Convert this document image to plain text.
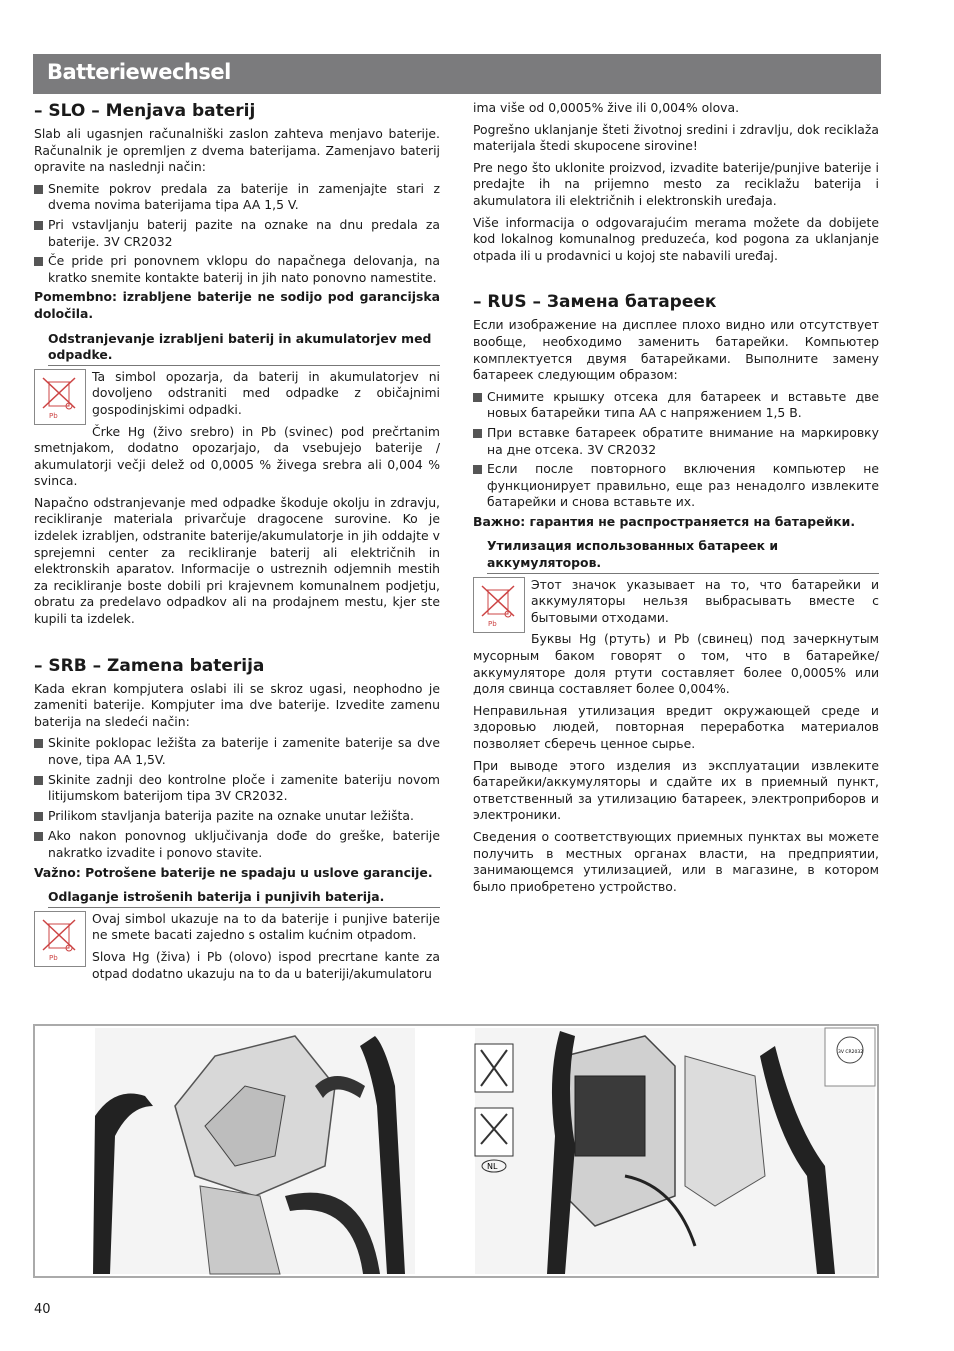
Batteriewechsel
– SLO – Menjava baterij

Slab ali ugasnjen računalniški zaslon zahteva menjavo baterije. Računalnik je opremljen z dvema baterijama. Zamenjavo baterij opravite na naslednji način:

Snemite pokrov predala za baterije in zamenjajte stari z dvema novima baterijama tipa AA 1,5 V.
Pri vstavljanju baterij pazite na oznake na dnu predala za baterije. 3V CR2032
Če pride pri ponovnem vklopu do napačnega delovanja, na kratko snemite kontakte baterij in jih nato ponovno namestite.

Pomembno: izrabljene baterije ne sodijo pod garancijska določila.

Odstranjevanje izrabljeni baterij in akumulatorjev med odpadke.
Pb

Ta simbol opozarja, da baterij in akumulatorjev ni dovoljeno odstraniti med odpadke z običajnimi gospodinjskimi odpadki.

Črke Hg (živo srebro) in Pb (svinec) pod prečrtanim smetnjakom, dodatno opozarjajo, da vsebujejo baterije / akumulatorji večji delež od 0,0005 % živega srebra ali 0,004 % svinca.

Napačno odstranjevanje med odpadke škoduje okolju in zdravju, recikliranje materiala privarčuje dragocene surovine. Ko je izdelek izrabljen, odstranite baterije/akumulatorje in jih oddajte v sprejemni center za recikliranje baterij ali električnih in elektronskih aparatov. Informacije o ustreznih odjemnih mestih za recikliranje boste dobili pri krajevnem komunalnem podjetju, obratu za predelavo odpadkov ali na prodajnem mestu, kjer ste kupili ta izdelek.

– SRB – Zamena baterija

Kada ekran kompjutera oslabi ili se skroz ugasi, neophodno je zameniti baterije. Kompjuter ima dve baterije. Izvedite zamenu baterija na sledeći način:

Skinite poklopac ležišta za baterije i zamenite baterije sa dve nove, tipa AA 1,5V.
Skinite zadnji deo kontrolne ploče i zamenite bateriju novom litijumskom baterijom tipa 3V CR2032.
Prilikom stavljanja baterija pazite na oznake unutar ležišta.
Ako nakon ponovnog uključivanja dođe do greške, baterije nakratko izvadite i ponovo stavite.

Važno: Potrošene baterije ne spadaju u uslove garancije.

Odlaganje istrošenih baterija i punjivih baterija.
Pb

Ovaj simbol ukazuje na to da baterije i punjive baterije ne smete bacati zajedno s ostalim kućnim otpadom.

Slova Hg (živa) i Pb (olovo) ispod precrtane kante za otpad dodatno ukazuju na to da u bateriji/akumulatoru

ima više od 0,0005% žive ili 0,004% olova.

Pogrešno uklanjanje šteti životnoj sredini i zdravlju, dok reciklaža materijala štedi skupocene sirovine!

Pre nego što uklonite proizvod, izvadite baterije/punjive baterije i predajte ih na prijemno mesto za reciklažu baterija i akumulatora ili električnih i elektronskih uređaja.

Više informacija o odgovarajućim merama možete da dobijete kod lokalnog komunalnog preduzeća, kod pogona za uklanjanje otpada ili u prodavnici u kojoj ste nabavili uređaj.

– RUS – Замена батареек

Если изображение на дисплее плохо видно или отсутствует вообще, необходимо заменить батарейки. Компьютер комплектуется двумя батарейками. Выполните замену батареек следующим образом:

Снимите крышку отсека для батареек и вставьте две новых батарейки типа АА с напряжением 1,5 В.
При вставке батареек обратите внимание на маркировку на дне отсека. 3V CR2032
Если после повторного включения компьютер не функционирует правильно, еще раз ненадолго извлеките батарейки и снова вставьте их.

Важно: гарантия не распространяется на батарейки.

Утилизация использованных батареек и аккумуляторов.
Pb

Этот значок указывает на то, что батарейки и аккумуляторы нельзя выбрасывать вместе с бытовыми отходами.

Буквы Hg (ртуть) и Pb (свинец) под зачеркнутым мусорным баком говорят о том, что в батарейке/аккумуляторе доля ртути составляет более 0,0005% или доля свинца составляет более 0,004%.

Неправильная утилизация вредит окружающей среде и здоровью людей, повторная переработка материалов позволяет сберечь ценное сырье.

При выводе этого изделия из эксплуатации извлеките батарейки/аккумуляторы и сдайте их в приемный пункт, ответственный за утилизацию батареек, электроприборов и электроники.

Сведения о соответствующих приемных пунктах вы можете получить в местных органах власти, на предприятии, занимающемся утилизацией, или в магазине, в котором было приобретено устройство.

NL
3V CR2032
40
